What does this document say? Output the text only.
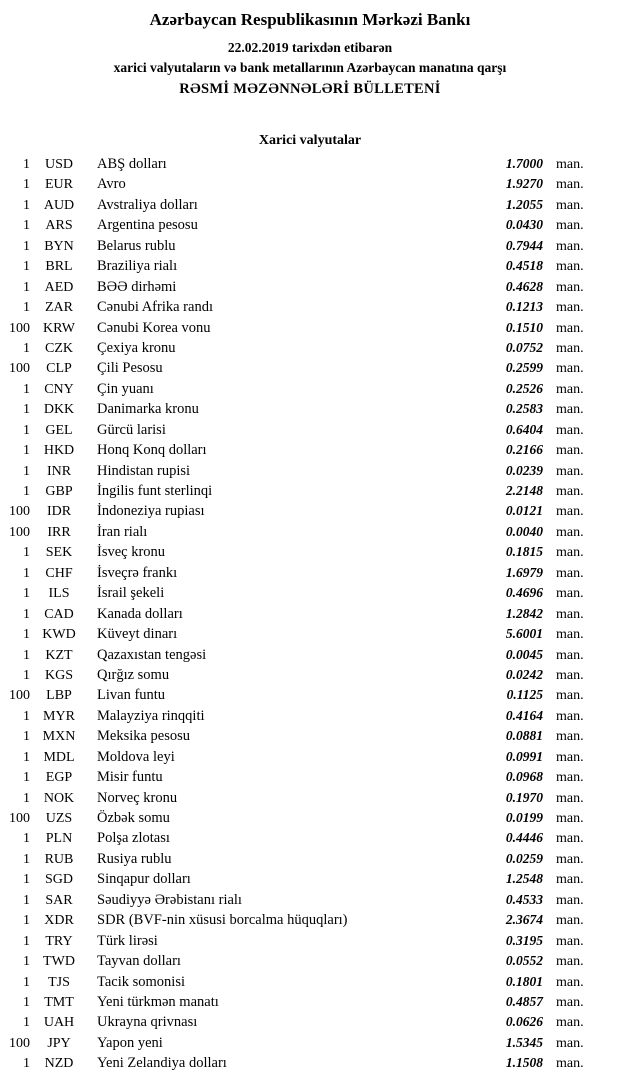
Azərbaycan Respublikasının Mərkəzi Bankı
22.02.2019 tarixdən etibarən
xarici valyutaların və bank metallarının Azərbaycan manatına qarşı
RƏSMİ MƏZƏNNƏLƏRİ BÜLLETENİ
Xarici valyutalar
1	USD	ABŞ dolları	1.7000 man.
1	EUR	Avro	1.9270 man.
1 AUD	Avstraliya dolları	1.2055 man.
1	ARS	Argentina pesosu	0.0430 man.
1	BYN	Belarus rublu	0.7944 man.
1	BRL	Braziliya rialı	0.4518 man.
1	AED	BƏƏ dirhəmi	0.4628 man.
1	ZAR	Cənubi Afrika randı	0.1213 man.
100 KRW	Cənubi Korea vonu	0.1510 man.
1	CZK	Çexiya kronu	0.0752 man.
100	CLP	Çili Pesosu	0.2599 man.
1	CNY	Çin yuanı	0.2526 man.
1 DKK	Danimarka kronu	0.2583 man.
1	GEL	Gürcü larisi	0.6404 man.
1 HKD	Honq Konq dolları	0.2166 man.
1	INR	Hindistan rupisi	0.0239 man.
1	GBP	İngilis funt sterlinqi	2.2148 man.
100	IDR	İndoneziya rupiası	0.0121 man.
100	IRR	İran rialı	0.0040 man.
1	SEK	İsveç kronu	0.1815 man.
1	CHF	İsveçrə frankı	1.6979 man.
1	ILS	İsrail şekeli	0.4696 man.
1	CAD	Kanada dolları	1.2842 man.
1 KWD	Küveyt dinarı	5.6001 man.
1	KZT	Qazaxıstan tengəsi	0.0045 man.
1	KGS	Qırğız somu	0.0242 man.
100	LBP	Livan funtu	0.1125 man.
1 MYR	Malayziya rinqqiti	0.4164 man.
1 MXN	Meksika pesosu	0.0881 man.
1 MDL	Moldova leyi	0.0991 man.
1	EGP	Misir funtu	0.0968 man.
1 NOK	Norveç kronu	0.1970 man.
100	UZS	Özbək somu	0.0199 man.
1	PLN	Polşa zlotası	0.4446 man.
1	RUB	Rusiya rublu	0.0259 man.
1	SGD	Sinqapur dolları	1.2548 man.
1	SAR	Səudiyyə Ərəbistanı rialı	0.4533 man.
1	XDR	SDR (BVF-nin xüsusi borcalma hüquqları)	2.3674 man.
1	TRY	Türk lirəsi	0.3195 man.
1 TWD	Tayvan dolları	0.0552 man.
1	TJS	Tacik somonisi	0.1801 man.
1	TMT	Yeni türkmən manatı	0.4857 man.
1 UAH	Ukrayna qrivnası	0.0626 man.
100	JPY	Yapon yeni	1.5345 man.
1	NZD	Yeni Zelandiya dolları	1.1508 man.
